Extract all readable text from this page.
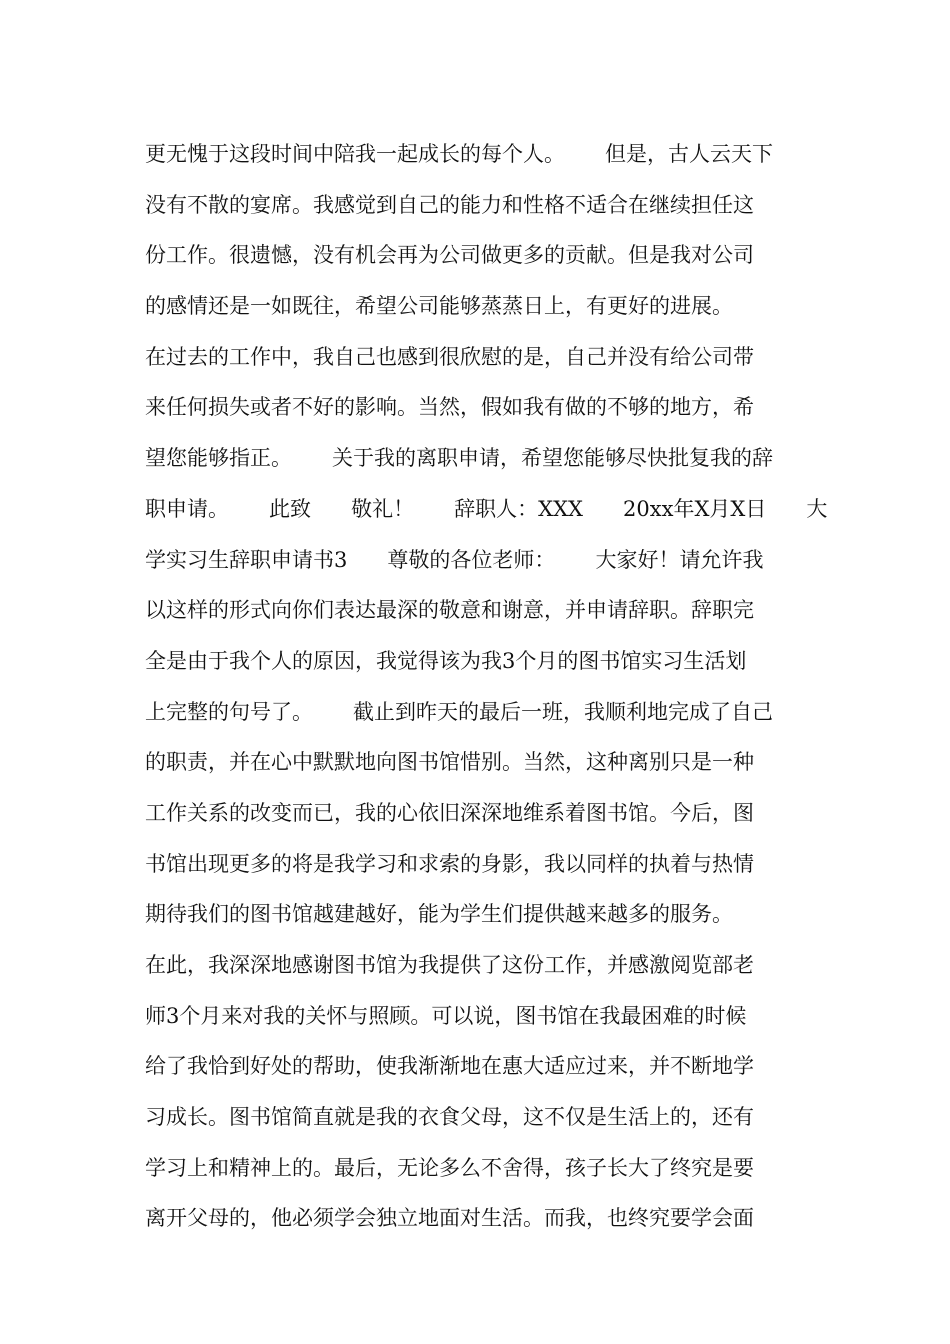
更无愧于这段时间中陪我一起成长的每个人。      但是，古人云天下
没有不散的宴席。我感觉到自己的能力和性格不适合在继续担任这
份工作。很遗憾，没有机会再为公司做更多的贡献。但是我对公司
的感情还是一如既往，希望公司能够蒸蒸日上，有更好的进展。
在过去的工作中，我自己也感到很欣慰的是，自己并没有给公司带
来任何损失或者不好的影响。当然，假如我有做的不够的地方，希
望您能够指正。      关于我的离职申请，希望您能够尽快批复我的辞
职申请。      此致      敬礼！      辞职人：XXX      20xx年X月X日      大
学实习生辞职申请书3      尊敬的各位老师：      大家好！请允许我
以这样的形式向你们表达最深的敬意和谢意，并申请辞职。辞职完
全是由于我个人的原因，我觉得该为我3个月的图书馆实习生活划
上完整的句号了。      截止到昨天的最后一班，我顺利地完成了自己
的职责，并在心中默默地向图书馆惜别。当然，这种离别只是一种
工作关系的改变而已，我的心依旧深深地维系着图书馆。今后，图
书馆出现更多的将是我学习和求索的身影，我以同样的执着与热情
期待我们的图书馆越建越好，能为学生们提供越来越多的服务。
在此，我深深地感谢图书馆为我提供了这份工作，并感激阅览部老
师3个月来对我的关怀与照顾。可以说，图书馆在我最困难的时候
给了我恰到好处的帮助，使我渐渐地在惠大适应过来，并不断地学
习成长。图书馆简直就是我的衣食父母，这不仅是生活上的，还有
学习上和精神上的。最后，无论多么不舍得，孩子长大了终究是要
离开父母的，他必须学会独立地面对生活。而我，也终究要学会面
